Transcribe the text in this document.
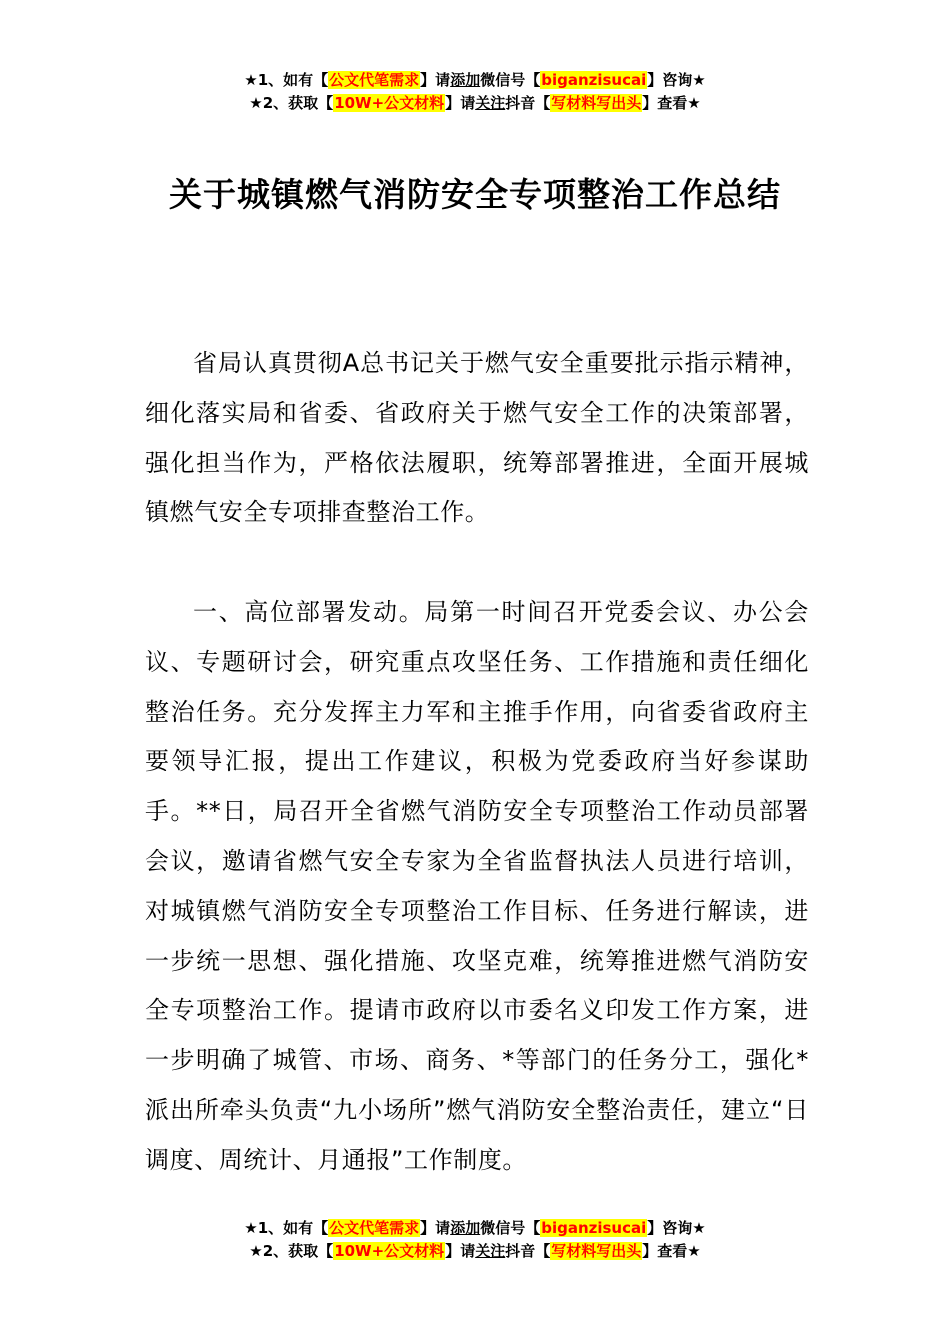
★1、如有【公文代笔需求】请添加微信号【biganzisucai】咨询★
★2、获取【10W+公文材料】请关注抖音【写材料写出头】查看★
关于城镇燃气消防安全专项整治工作总结

省局认真贯彻A总书记关于燃气安全重要批示指示精神，细化落实局和省委、省政府关于燃气安全工作的决策部署，强化担当作为，严格依法履职，统筹部署推进，全面开展城镇燃气安全专项排查整治工作。

一、高位部署发动。局第一时间召开党委会议、办公会议、专题研讨会，研究重点攻坚任务、工作措施和责任细化整治任务。充分发挥主力军和主推手作用，向省委省政府主要领导汇报，提出工作建议，积极为党委政府当好参谋助手。**日，局召开全省燃气消防安全专项整治工作动员部署会议，邀请省燃气安全专家为全省监督执法人员进行培训，对城镇燃气消防安全专项整治工作目标、任务进行解读，进一步统一思想、强化措施、攻坚克难，统筹推进燃气消防安全专项整治工作。提请市政府以市委名义印发工作方案，进一步明确了城管、市场、商务、*等部门的任务分工，强化*派出所牵头负责“九小场所”燃气消防安全整治责任，建立“日调度、周统计、月通报”工作制度。

★1、如有【公文代笔需求】请添加微信号【biganzisucai】咨询★
★2、获取【10W+公文材料】请关注抖音【写材料写出头】查看★
